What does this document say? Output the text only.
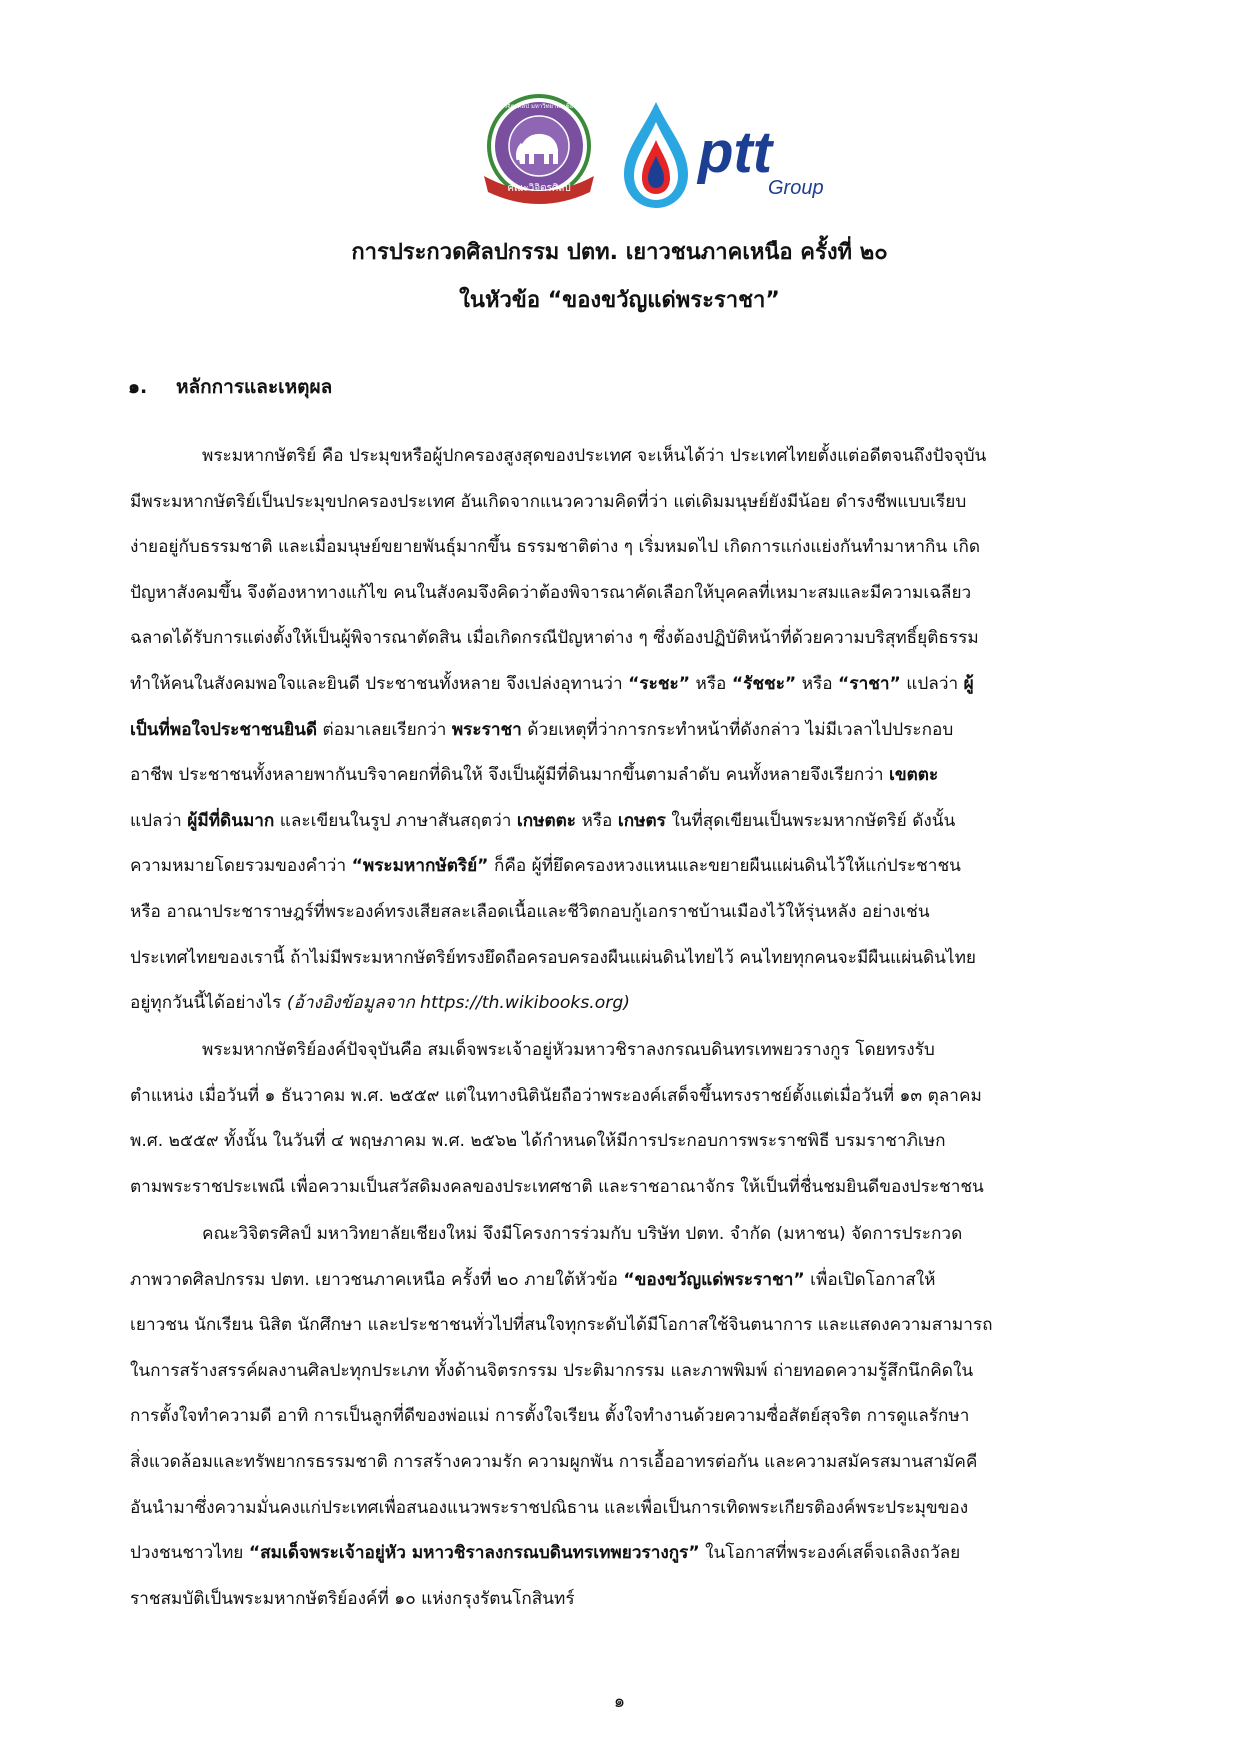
คณะวิจิตรศิลป์
คณะวิจิตรศิลป์ มหาวิทยาลัยเชียงใหม่
ptt
Group
การประกวดศิลปกรรม ปตท. เยาวชนภาคเหนือ ครั้งที่ ๒๐
ในหัวข้อ “ของขวัญแด่พระราชา”
๑. หลักการและเหตุผล

พระมหากษัตริย์ คือ ประมุขหรือผู้ปกครองสูงสุดของประเทศ จะเห็นได้ว่า ประเทศไทยตั้งแต่อดีตจนถึงปัจจุบัน

มีพระมหากษัตริย์เป็นประมุขปกครองประเทศ อันเกิดจากแนวความคิดที่ว่า แต่เดิมมนุษย์ยังมีน้อย ดำรงชีพแบบเรียบ

ง่ายอยู่กับธรรมชาติ และเมื่อมนุษย์ขยายพันธุ์มากขึ้น ธรรมชาติต่าง ๆ เริ่มหมดไป เกิดการแก่งแย่งกันทำมาหากิน เกิด

ปัญหาสังคมขึ้น จึงต้องหาทางแก้ไข คนในสังคมจึงคิดว่าต้องพิจารณาคัดเลือกให้บุคคลที่เหมาะสมและมีความเฉลียว

ฉลาดได้รับการแต่งตั้งให้เป็นผู้พิจารณาตัดสิน เมื่อเกิดกรณีปัญหาต่าง ๆ ซึ่งต้องปฏิบัติหน้าที่ด้วยความบริสุทธิ์ยุติธรรม

ทำให้คนในสังคมพอใจและยินดี ประชาชนทั้งหลาย จึงเปล่งอุทานว่า “ระชะ” หรือ “รัชชะ” หรือ “ราชา” แปลว่า ผู้

เป็นที่พอใจประชาชนยินดี ต่อมาเลยเรียกว่า พระราชา ด้วยเหตุที่ว่าการกระทำหน้าที่ดังกล่าว ไม่มีเวลาไปประกอบ

อาชีพ ประชาชนทั้งหลายพากันบริจาคยกที่ดินให้ จึงเป็นผู้มีที่ดินมากขึ้นตามลำดับ คนทั้งหลายจึงเรียกว่า เขตตะ

แปลว่า ผู้มีที่ดินมาก และเขียนในรูป ภาษาสันสฤตว่า เกษตตะ หรือ เกษตร ในที่สุดเขียนเป็นพระมหากษัตริย์ ดังนั้น

ความหมายโดยรวมของคำว่า “พระมหากษัตริย์” ก็คือ ผู้ที่ยึดครองหวงแหนและขยายผืนแผ่นดินไว้ให้แก่ประชาชน

หรือ อาณาประชาราษฎร์ที่พระองค์ทรงเสียสละเลือดเนื้อและชีวิตกอบกู้เอกราชบ้านเมืองไว้ให้รุ่นหลัง อย่างเช่น

ประเทศไทยของเรานี้ ถ้าไม่มีพระมหากษัตริย์ทรงยึดถือครอบครองผืนแผ่นดินไทยไว้ คนไทยทุกคนจะมีผืนแผ่นดินไทย

อยู่ทุกวันนี้ได้อย่างไร (อ้างอิงข้อมูลจาก https://th.wikibooks.org)

พระมหากษัตริย์องค์ปัจจุบันคือ สมเด็จพระเจ้าอยู่หัวมหาวชิราลงกรณบดินทรเทพยวรางกูร โดยทรงรับ

ตำแหน่ง เมื่อวันที่ ๑ ธันวาคม พ.ศ. ๒๕๕๙ แต่ในทางนิตินัยถือว่าพระองค์เสด็จขึ้นทรงราชย์ตั้งแต่เมื่อวันที่ ๑๓ ตุลาคม

พ.ศ. ๒๕๕๙ ทั้งนั้น ในวันที่ ๔ พฤษภาคม พ.ศ. ๒๕๖๒ ได้กำหนดให้มีการประกอบการพระราชพิธี บรมราชาภิเษก

ตามพระราชประเพณี เพื่อความเป็นสวัสดิมงคลของประเทศชาติ และราชอาณาจักร ให้เป็นที่ชื่นชมยินดีของประชาชน

คณะวิจิตรศิลป์ มหาวิทยาลัยเชียงใหม่ จึงมีโครงการร่วมกับ บริษัท ปตท. จำกัด (มหาชน) จัดการประกวด

ภาพวาดศิลปกรรม ปตท. เยาวชนภาคเหนือ ครั้งที่ ๒๐ ภายใต้หัวข้อ “ของขวัญแด่พระราชา” เพื่อเปิดโอกาสให้

เยาวชน นักเรียน นิสิต นักศึกษา และประชาชนทั่วไปที่สนใจทุกระดับได้มีโอกาสใช้จินตนาการ และแสดงความสามารถ

ในการสร้างสรรค์ผลงานศิลปะทุกประเภท ทั้งด้านจิตรกรรม ประติมากรรม และภาพพิมพ์ ถ่ายทอดความรู้สึกนึกคิดใน

การตั้งใจทำความดี อาทิ การเป็นลูกที่ดีของพ่อแม่ การตั้งใจเรียน ตั้งใจทำงานด้วยความซื่อสัตย์สุจริต การดูแลรักษา

สิ่งแวดล้อมและทรัพยากรธรรมชาติ การสร้างความรัก ความผูกพัน การเอื้ออาทรต่อกัน และความสมัครสมานสามัคคี

อันนำมาซึ่งความมั่นคงแก่ประเทศเพื่อสนองแนวพระราชปณิธาน และเพื่อเป็นการเทิดพระเกียรติองค์พระประมุขของ

ปวงชนชาวไทย “สมเด็จพระเจ้าอยู่หัว มหาวชิราลงกรณบดินทรเทพยวรางกูร” ในโอกาสที่พระองค์เสด็จเถลิงถวัลย

ราชสมบัติเป็นพระมหากษัตริย์องค์ที่ ๑๐ แห่งกรุงรัตนโกสินทร์

๑
